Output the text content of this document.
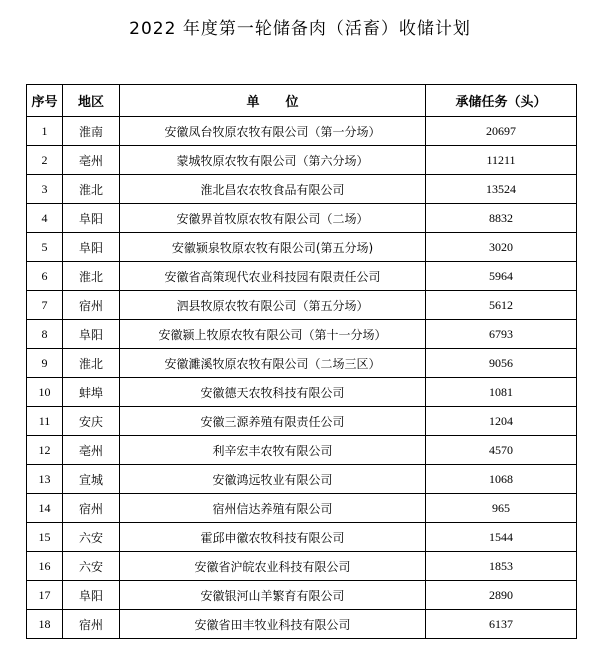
2022 年度第一轮储备肉（活畜）收储计划
序号	地区	单　　位	承储任务（头）
1	淮南	安徽凤台牧原农牧有限公司（第一分场）	20697
2	亳州	蒙城牧原农牧有限公司（第六分场）	11211
3	淮北	淮北昌农农牧食品有限公司	13524
4	阜阳	安徽界首牧原农牧有限公司（二场）	8832
5	阜阳	安徽颍泉牧原农牧有限公司(第五分场)	3020
6	淮北	安徽省高策现代农业科技园有限责任公司	5964
7	宿州	泗县牧原农牧有限公司（第五分场）	5612
8	阜阳	安徽颍上牧原农牧有限公司（第十一分场）	6793
9	淮北	安徽濉溪牧原农牧有限公司（二场三区）	9056
10	蚌埠	安徽德天农牧科技有限公司	1081
11	安庆	安徽三源养殖有限责任公司	1204
12	亳州	利辛宏丰农牧有限公司	4570
13	宣城	安徽鸿远牧业有限公司	1068
14	宿州	宿州信达养殖有限公司	965
15	六安	霍邱申徽农牧科技有限公司	1544
16	六安	安徽省沪皖农业科技有限公司	1853
17	阜阳	安徽银河山羊繁育有限公司	2890
18	宿州	安徽省田丰牧业科技有限公司	6137
